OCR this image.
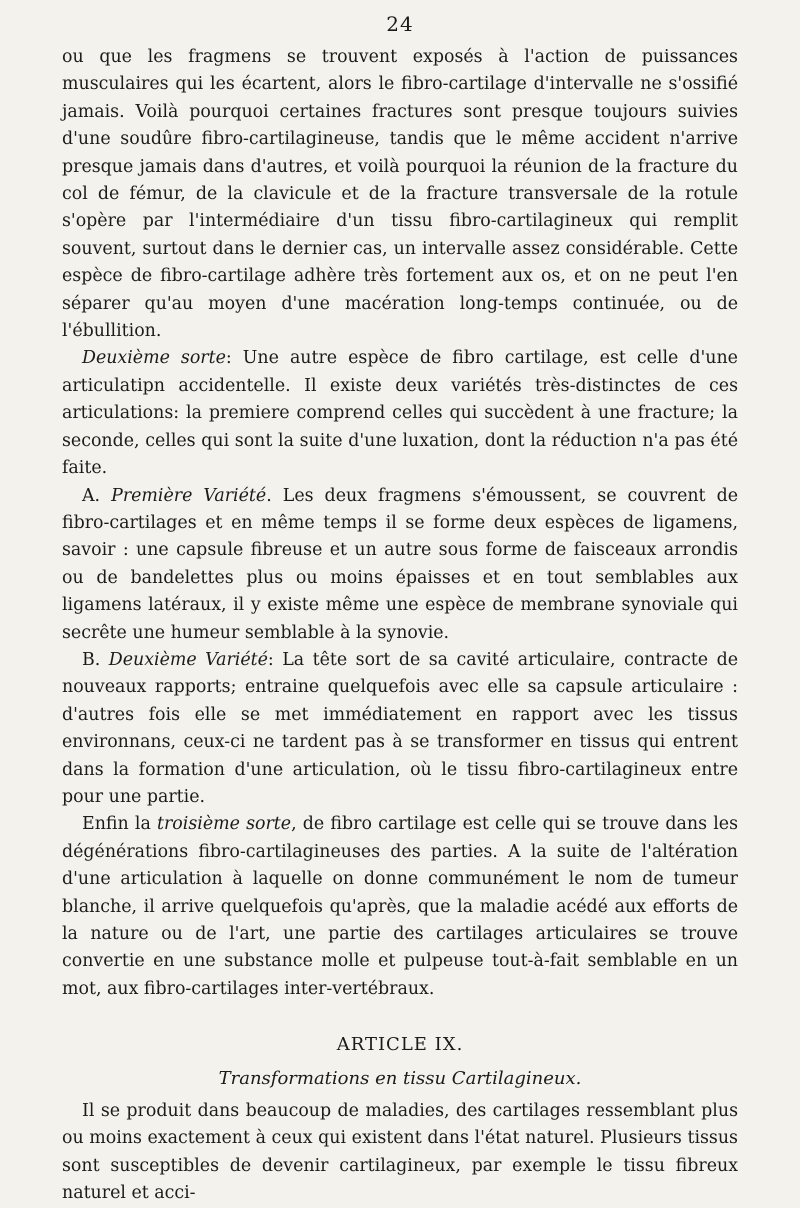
24

ou que les fragmens se trouvent exposés à l'action de puissances musculaires qui les écartent, alors le fibro-cartilage d'intervalle ne s'ossifié jamais. Voilà pourquoi certaines fractures sont presque toujours suivies d'une soudûre fibro-cartilagineuse, tandis que le même accident n'arrive presque jamais dans d'autres, et voilà pourquoi la réunion de la fracture du col de fémur, de la clavicule et de la fracture transversale de la rotule s'opère par l'intermédiaire d'un tissu fibro-cartilagineux qui remplit souvent, surtout dans le dernier cas, un intervalle assez considérable. Cette espèce de fibro-cartilage adhère très fortement aux os, et on ne peut l'en séparer qu'au moyen d'une macération long-temps continuée, ou de l'ébullition.

Deuxième sorte: Une autre espèce de fibro cartilage, est celle d'une articulatipn accidentelle. Il existe deux variétés très-distinctes de ces articulations: la premiere comprend celles qui succèdent à une fracture; la seconde, celles qui sont la suite d'une luxation, dont la réduction n'a pas été faite.

A. Première Variété. Les deux fragmens s'émoussent, se couvrent de fibro-cartilages et en même temps il se forme deux espèces de ligamens, savoir : une capsule fibreuse et un autre sous forme de faisceaux arrondis ou de bandelettes plus ou moins épaisses et en tout semblables aux ligamens latéraux, il y existe même une espèce de membrane synoviale qui secrête une humeur semblable à la synovie.

B. Deuxième Variété: La tête sort de sa cavité articulaire, contracte de nouveaux rapports; entraine quelquefois avec elle sa capsule articulaire : d'autres fois elle se met immédiatement en rapport avec les tissus environnans, ceux-ci ne tardent pas à se transformer en tissus qui entrent dans la formation d'une articulation, où le tissu fibro-cartilagineux entre pour une partie.

Enfin la troisième sorte, de fibro cartilage est celle qui se trouve dans les dégénérations fibro-cartilagineuses des parties. A la suite de l'altération d'une articulation à laquelle on donne communément le nom de tumeur blanche, il arrive quelquefois qu'après, que la maladie acédé aux efforts de la nature ou de l'art, une partie des cartilages articulaires se trouve convertie en une substance molle et pulpeuse tout-à-fait semblable en un mot, aux fibro-cartilages inter-vertébraux.

ARTICLE IX.

Transformations en tissu Cartilagineux.

Il se produit dans beaucoup de maladies, des cartilages ressemblant plus ou moins exactement à ceux qui existent dans l'état naturel. Plusieurs tissus sont susceptibles de devenir cartilagineux, par exemple le tissu fibreux naturel et acci-
